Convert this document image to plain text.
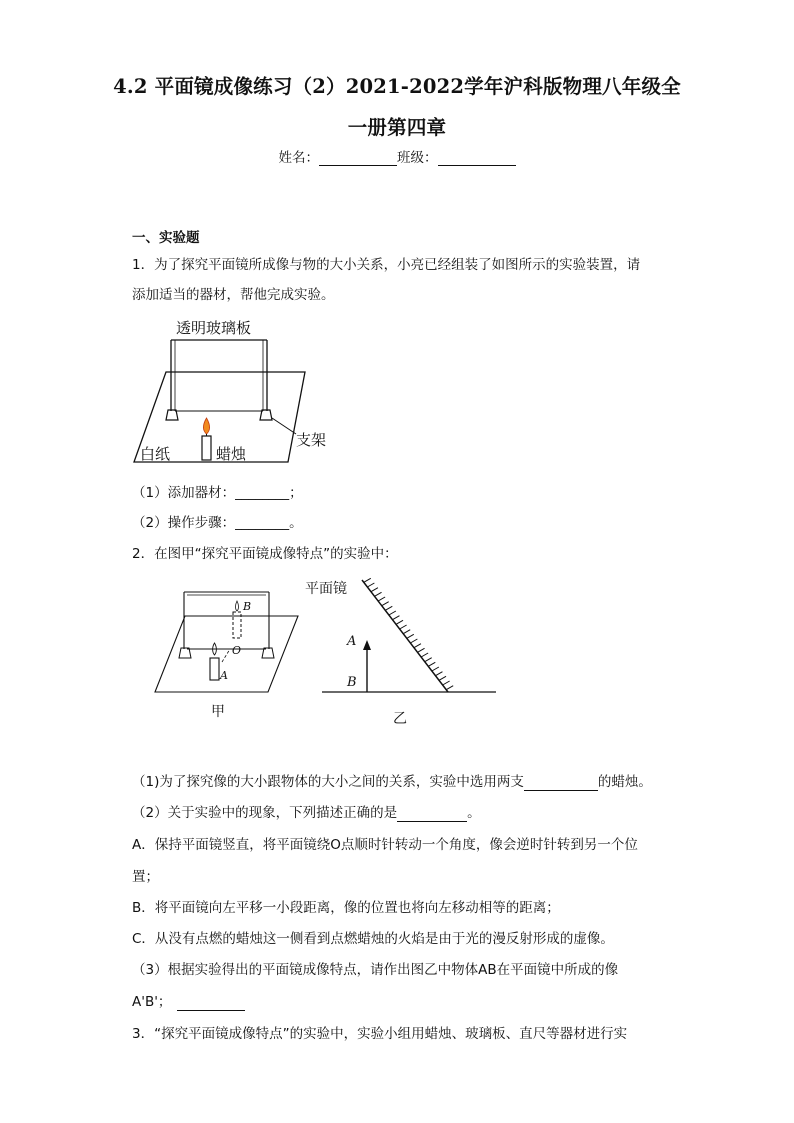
4.2 平面镜成像练习（2）2021-2022学年沪科版物理八年级全
一册第四章
姓名：	班级：
一、实验题
1．为了探究平面镜所成像与物的大小关系，小亮已经组装了如图所示的实验装置，请
添加适当的器材，帮他完成实验。
透明玻璃板
白纸	蜡烛
支架
（1）添加器材：________；
（2）操作步骤：________。
2．在图甲“探究平面镜成像特点”的实验中：
B
O
A
甲
平面镜
A
B
乙
（1)为了探究像的大小跟物体的大小之间的关系，实验中选用两支	的蜡烛。
（2）关于实验中的现象，下列描述正确的是	。
A．保持平面镜竖直，将平面镜绕O点顺时针转动一个角度，像会逆时针转到另一个位
置；
B．将平面镜向左平移一小段距离，像的位置也将向左移动相等的距离；
C．从没有点燃的蜡烛这一侧看到点燃蜡烛的火焰是由于光的漫反射形成的虚像。
（3）根据实验得出的平面镜成像特点，请作出图乙中物体AB在平面镜中所成的像
A'B'；
3．“探究平面镜成像特点”的实验中，实验小组用蜡烛、玻璃板、直尺等器材进行实
